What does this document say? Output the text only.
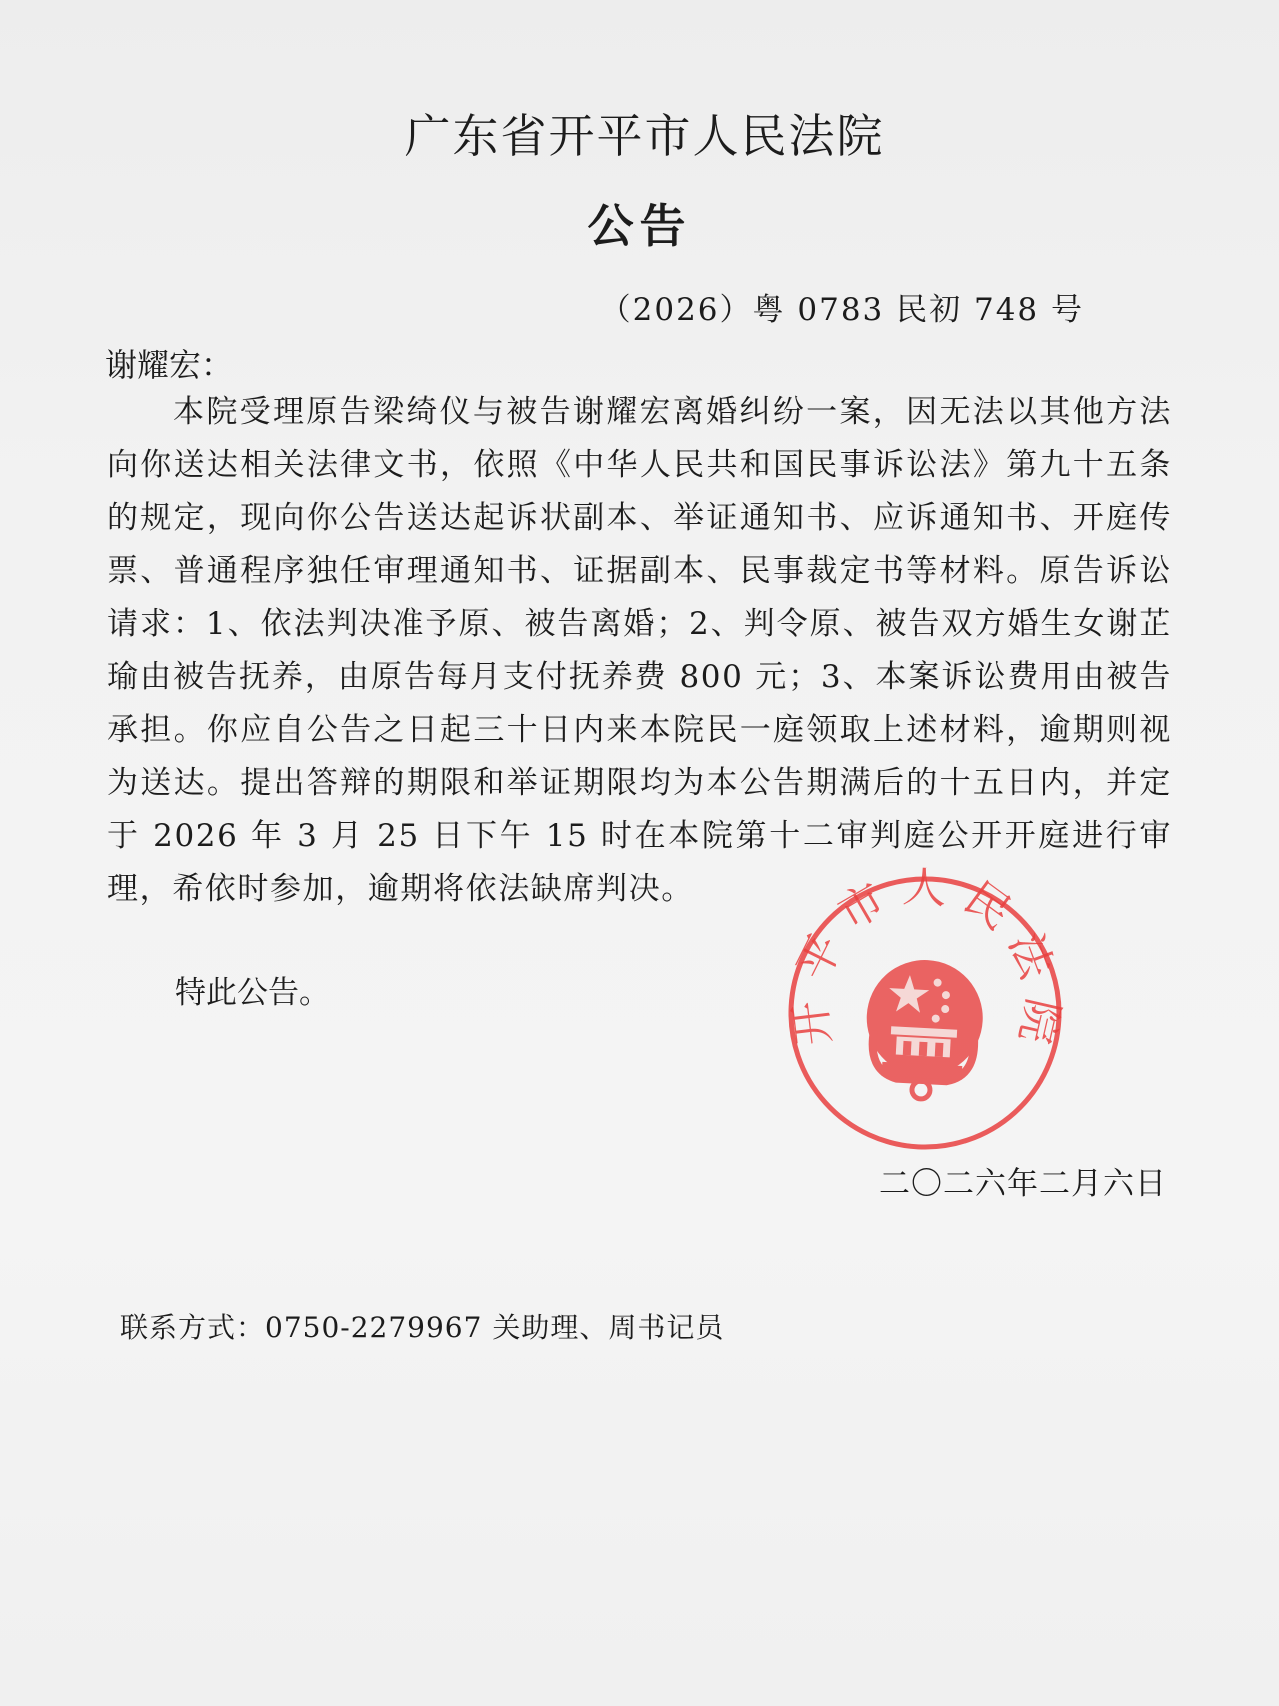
广东省开平市人民法院
公告
（2026）粤 0783 民初 748 号
谢耀宏：

本院受理原告梁绮仪与被告谢耀宏离婚纠纷一案，因无法以其他方法向你送达相关法律文书，依照《中华人民共和国民事诉讼法》第九十五条的规定，现向你公告送达起诉状副本、举证通知书、应诉通知书、开庭传票、普通程序独任审理通知书、证据副本、民事裁定书等材料。原告诉讼请求：1、依法判决准予原、被告离婚；2、判令原、被告双方婚生女谢芷瑜由被告抚养，由原告每月支付抚养费 800 元；3、本案诉讼费用由被告承担。你应自公告之日起三十日内来本院民一庭领取上述材料，逾期则视为送达。提出答辩的期限和举证期限均为本公告期满后的十五日内，并定于 2026 年 3 月 25 日下午 15 时在本院第十二审判庭公开开庭进行审理，希依时参加，逾期将依法缺席判决。

特此公告。	开平市人民法院
二〇二六年二月六日
联系方式：0750-2279967 关助理、周书记员
